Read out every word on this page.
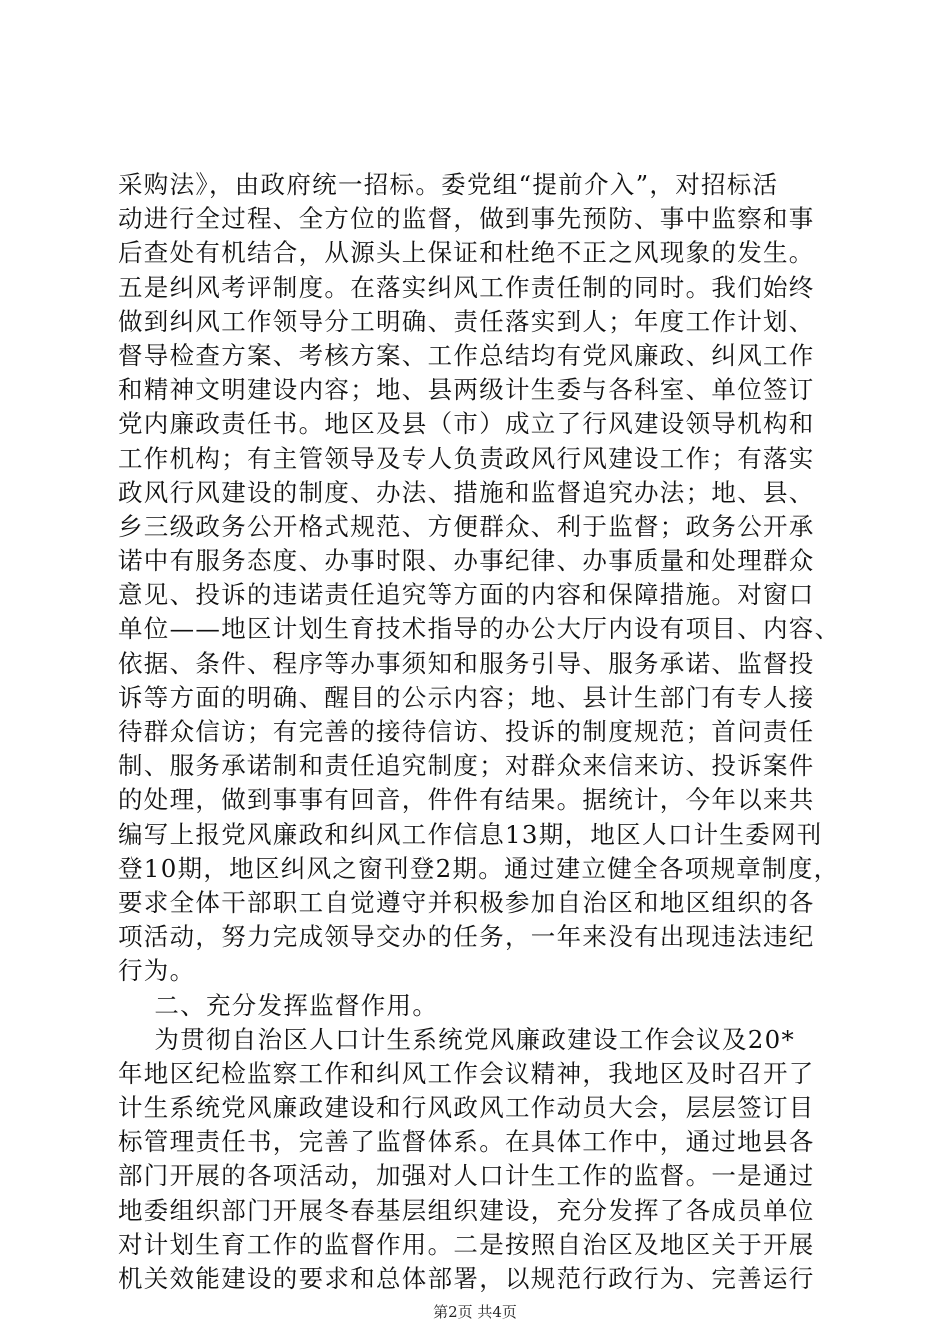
采购法》，由政府统一招标。委党组“提前介入”，对招标活
动进行全过程、全方位的监督，做到事先预防、事中监察和事
后查处有机结合，从源头上保证和杜绝不正之风现象的发生。
五是纠风考评制度。在落实纠风工作责任制的同时。我们始终
做到纠风工作领导分工明确、责任落实到人；年度工作计划、
督导检查方案、考核方案、工作总结均有党风廉政、纠风工作
和精神文明建设内容；地、县两级计生委与各科室、单位签订
党内廉政责任书。地区及县（市）成立了行风建设领导机构和
工作机构；有主管领导及专人负责政风行风建设工作；有落实
政风行风建设的制度、办法、措施和监督追究办法；地、县、
乡三级政务公开格式规范、方便群众、利于监督；政务公开承
诺中有服务态度、办事时限、办事纪律、办事质量和处理群众
意见、投诉的违诺责任追究等方面的内容和保障措施。对窗口
单位——地区计划生育技术指导的办公大厅内设有项目、内容、
依据、条件、程序等办事须知和服务引导、服务承诺、监督投
诉等方面的明确、醒目的公示内容；地、县计生部门有专人接
待群众信访；有完善的接待信访、投诉的制度规范；首问责任
制、服务承诺制和责任追究制度；对群众来信来访、投诉案件
的处理，做到事事有回音，件件有结果。据统计，今年以来共
编写上报党风廉政和纠风工作信息13期，地区人口计生委网刊
登10期，地区纠风之窗刊登2期。通过建立健全各项规章制度，
要求全体干部职工自觉遵守并积极参加自治区和地区组织的各
项活动，努力完成领导交办的任务，一年来没有出现违法违纪
行为。
二、充分发挥监督作用。
为贯彻自治区人口计生系统党风廉政建设工作会议及20*
年地区纪检监察工作和纠风工作会议精神，我地区及时召开了
计生系统党风廉政建设和行风政风工作动员大会，层层签订目
标管理责任书，完善了监督体系。在具体工作中，通过地县各
部门开展的各项活动，加强对人口计生工作的监督。一是通过
地委组织部门开展冬春基层组织建设，充分发挥了各成员单位
对计划生育工作的监督作用。二是按照自治区及地区关于开展
机关效能建设的要求和总体部署，以规范行政行为、完善运行
第2页 共4页
